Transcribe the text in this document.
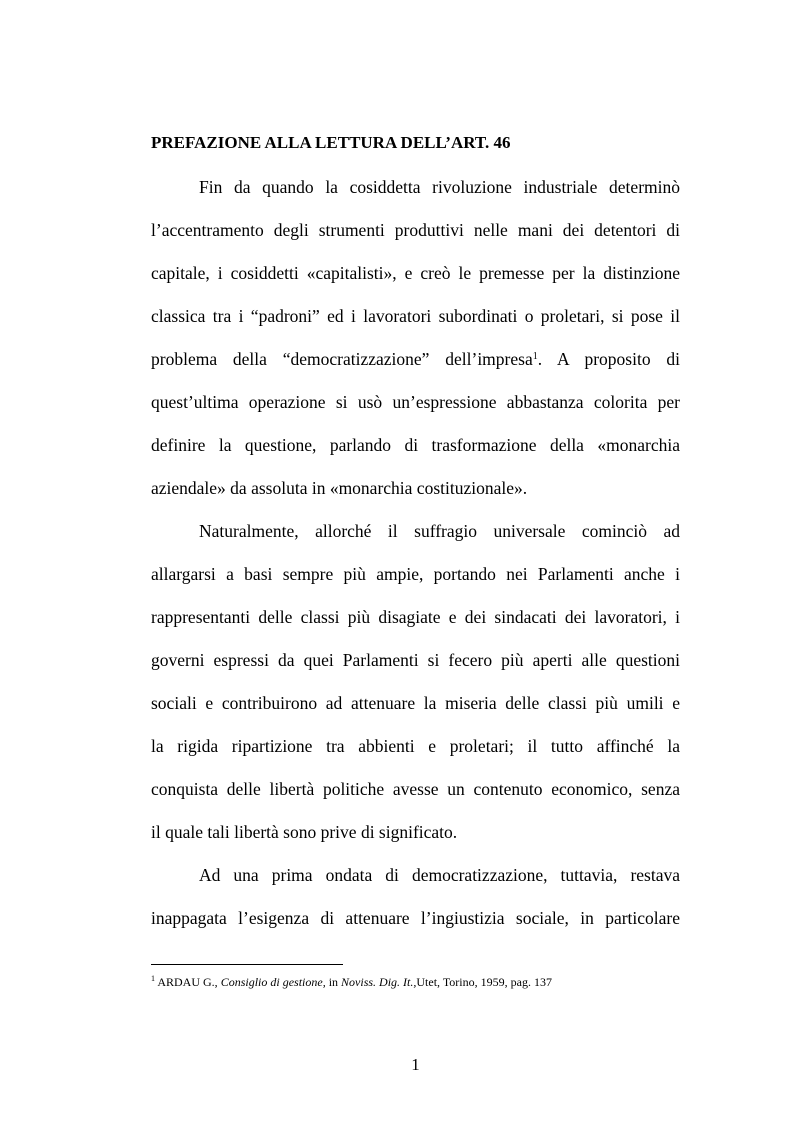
PREFAZIONE ALLA LETTURA DELL’ART. 46

Fin da quando la cosiddetta rivoluzione industriale determinò

l’accentramento degli strumenti produttivi nelle mani dei detentori di

capitale, i cosiddetti «capitalisti», e creò le premesse per la distinzione

classica tra i “padroni” ed i lavoratori subordinati o proletari, si pose il

problema della “democratizzazione” dell’impresa$^1$. A proposito di

quest’ultima operazione si usò un’espressione abbastanza colorita per

definire la questione, parlando di trasformazione della «monarchia

aziendale» da assoluta in «monarchia costituzionale».

Naturalmente, allorché il suffragio universale cominciò ad

allargarsi a basi sempre più ampie, portando nei Parlamenti anche i

rappresentanti delle classi più disagiate e dei sindacati dei lavoratori, i

governi espressi da quei Parlamenti si fecero più aperti alle questioni

sociali e contribuirono ad attenuare la miseria delle classi più umili e

la rigida ripartizione tra abbienti e proletari; il tutto affinché la

conquista delle libertà politiche avesse un contenuto economico, senza

il quale tali libertà sono prive di significato.

Ad una prima ondata di democratizzazione, tuttavia, restava

inappagata l’esigenza di attenuare l’ingiustizia sociale, in particolare

$^1$ ARDAU G., Consiglio di gestione, in Noviss. Dig. It.,Utet, Torino, 1959, pag. 137
1
